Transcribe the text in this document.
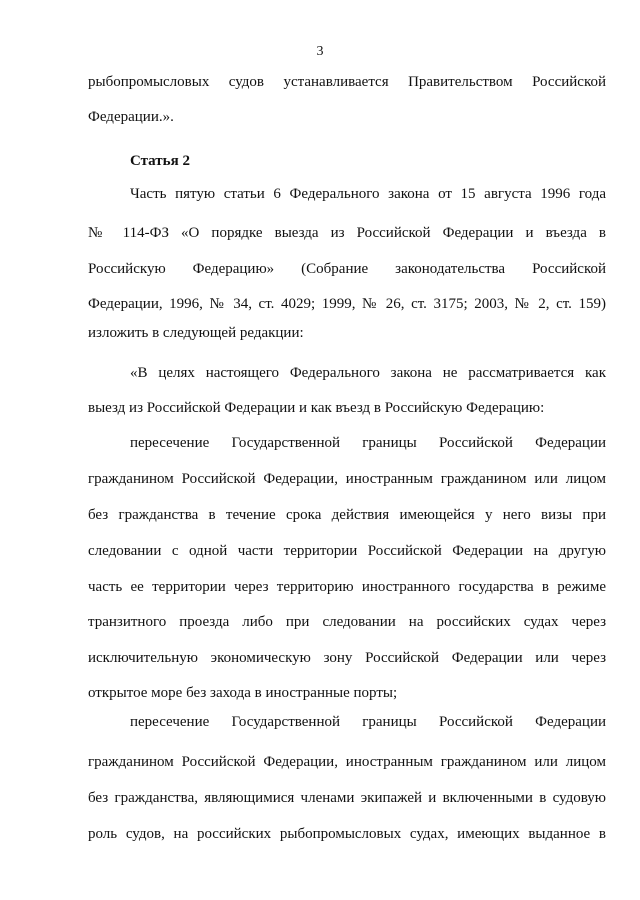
3
рыбопромысловых судов устанавливается Правительством Российской
Федерации.».
Статья 2
Часть пятую статьи 6 Федерального закона от 15 августа 1996 года
№ 114-ФЗ «О порядке выезда из Российской Федерации и въезда в
Российскую Федерацию» (Собрание законодательства Российской
Федерации, 1996, № 34, ст. 4029; 1999, № 26, ст. 3175; 2003, № 2, ст. 159)
изложить в следующей редакции:
«В целях настоящего Федерального закона не рассматривается как
выезд из Российской Федерации и как въезд в Российскую Федерацию:
пересечение Государственной границы Российской Федерации
гражданином Российской Федерации, иностранным гражданином или лицом
без гражданства в течение срока действия имеющейся у него визы при
следовании с одной части территории Российской Федерации на другую
часть ее территории через территорию иностранного государства в режиме
транзитного проезда либо при следовании на российских судах через
исключительную экономическую зону Российской Федерации или через
открытое море без захода в иностранные порты;
пересечение Государственной границы Российской Федерации
гражданином Российской Федерации, иностранным гражданином или лицом
без гражданства, являющимися членами экипажей и включенными в судовую
роль судов, на российских рыбопромысловых судах, имеющих выданное в
